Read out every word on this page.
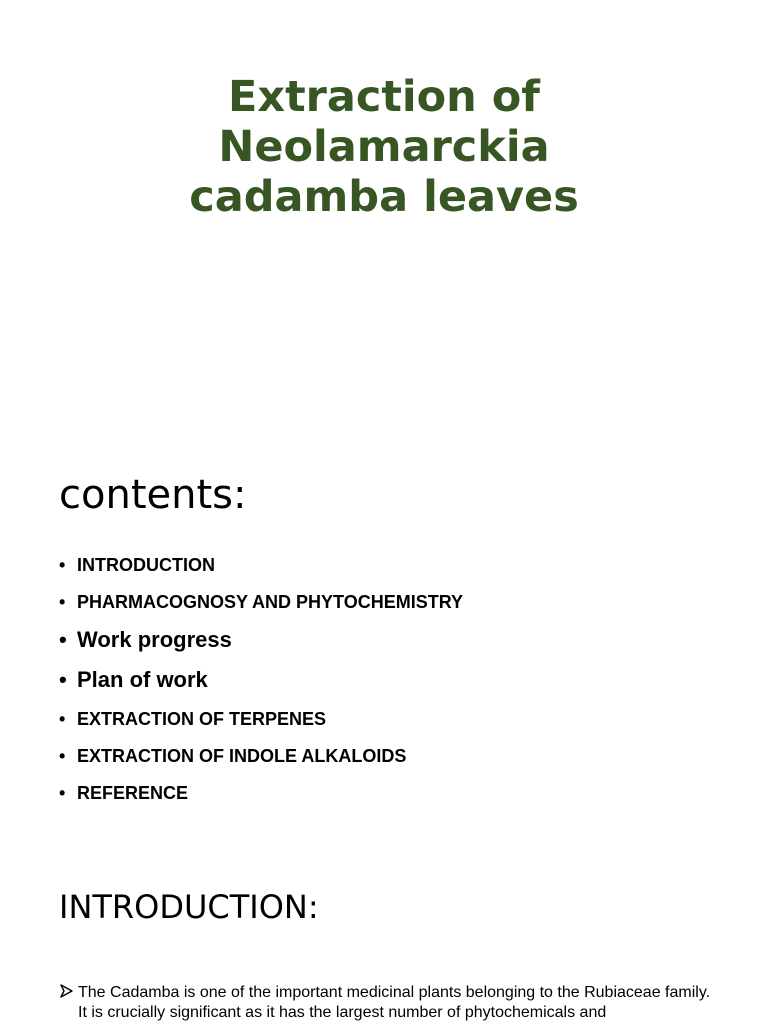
Extraction of
Neolamarckia
cadamba leaves
contents:
• INTRODUCTION
• PHARMACOGNOSY AND PHYTOCHEMISTRY
• Work progress
• Plan of work
• EXTRACTION OF TERPENES
• EXTRACTION OF INDOLE ALKALOIDS
• REFERENCE
INTRODUCTION:
The Cadamba is one of the important medicinal plants belonging to the Rubiaceae family. It is crucially significant as it has the largest number of phytochemicals and
